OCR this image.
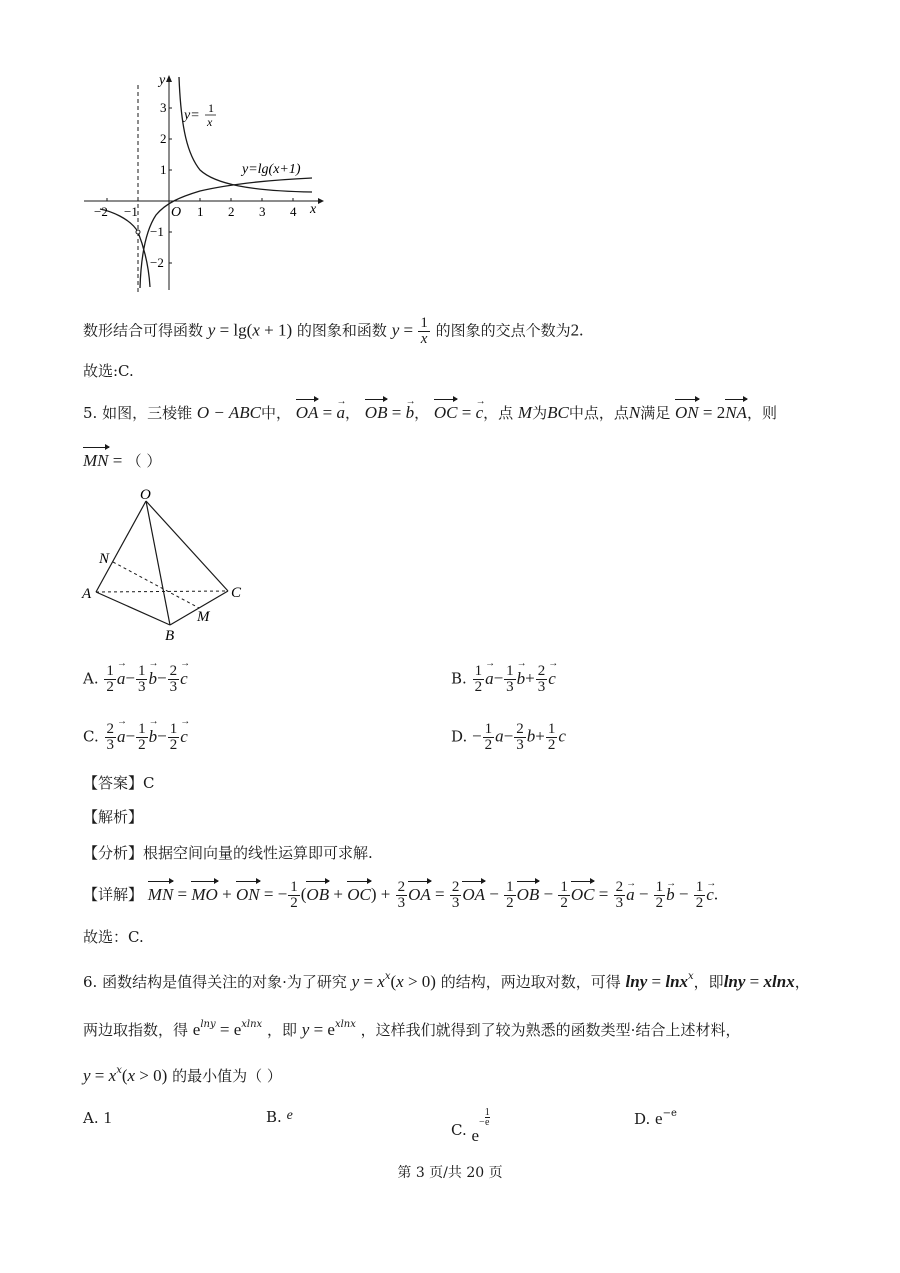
y
x
O
−2 −1	1 2 3 4
3
2
1
−1
−2
y= 1
x
y=lg(x+1)
数形结合可得函数 y = lg(x + 1) 的图象和函数 $y = \frac{1}{x}$ 的图象的交点个数为2.
故选:C.
5. 如图，三棱锥 O − ABC中， OA = a →， OB = b →， OC = c →，点 M为BC中点，点N满足 ON = 2NA，则
MN = （ ）
O
N
A	C
M
B
A. $\frac{1}{2}$ $a \to- \frac{1}{3}$ $b \to- \frac{2}{3}$ c →	B. $\frac{1}{2}$ $a \to- \frac{1}{3}$ $b \to+ \frac{2}{3}$ c →
C. $\frac{2}{3}$ $a \to- \frac{1}{2}$ $b \to- \frac{1}{2}$ c →	D. − $\frac{1}{2} a- \frac{2}{3} b+ \frac{1}{2}$ c
【答案】C
【解析】
【分析】根据空间向量的线性运算即可求解.
【详解】 MN = MO + ON = − $\frac{1}{2} (OB + OC) + \frac{2}{3}$ OA = $\frac{2}{3}$ OA − $\frac{1}{2}$ OB − $\frac{1}{2}$ OC = $\frac{2}{3}$ a → − $\frac{1}{2}$ b → − $\frac{1}{2}$ c →.
故选：C.
6. 函数结构是值得关注的对象·为了研究 $y = x^x(x > 0)$ 的结构，两边取对数，可得 lny = lnx$^x$，即lny = xlnx，
两边取指数，得 $e^{lny} = e^{xlnx}$ ，即 $y = e^{xlnx}$ ，这样我们就得到了较为熟悉的函数类型·结合上述材料，
$y = x^x(x > 0)$ 的最小值为（ ）
A. 1	B. e
C. $e- \frac{1}{e}$	D. $e^{-e}$
第 3 页/共 20 页
